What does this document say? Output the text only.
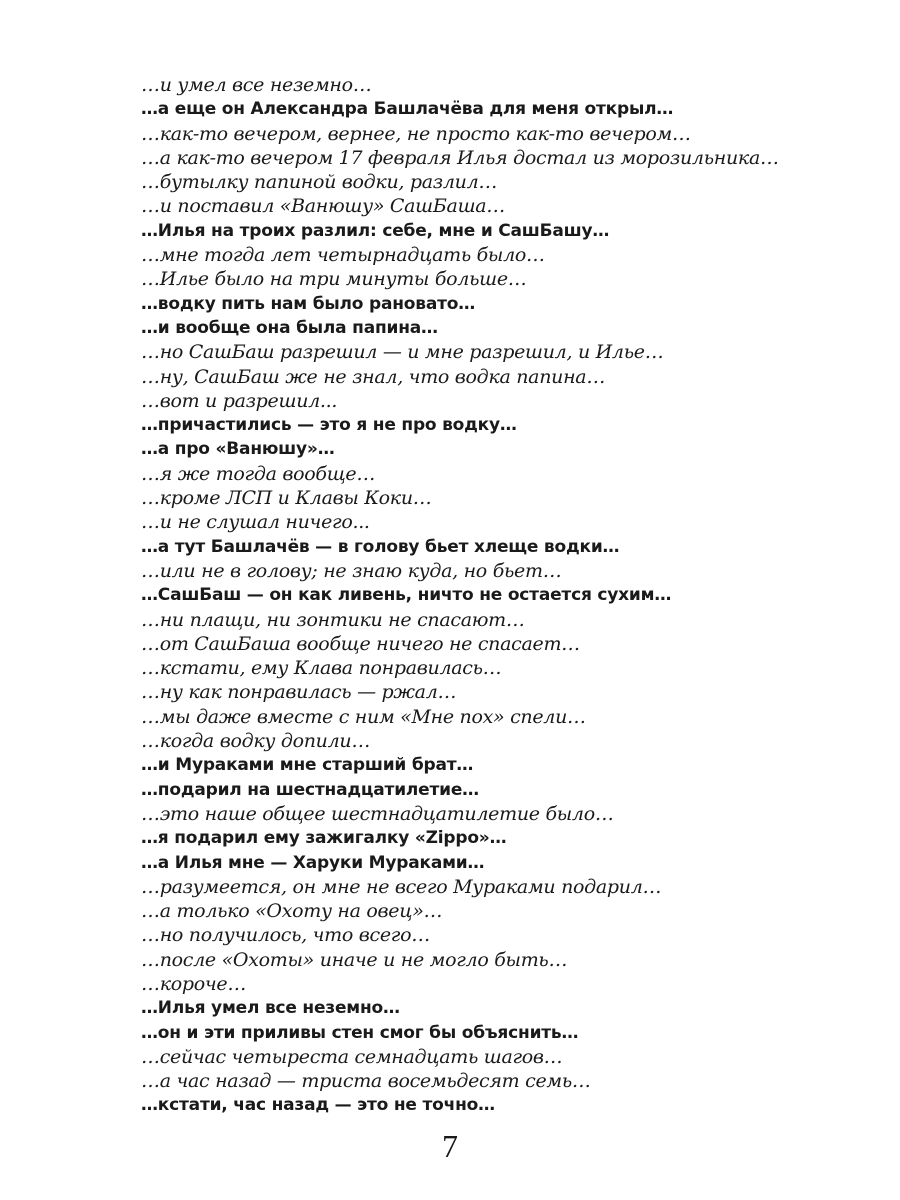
…и умел все неземно…
…а еще он Александра Башлачёва для меня открыл…
…как-то вечером, вернее, не просто как-то вечером…
…а как-то вечером 17 февраля Илья достал из морозильника…
…бутылку папиной водки, разлил…
…и поставил «Ванюшу» СашБаша…
…Илья на троих разлил: себе, мне и СашБашу…
…мне тогда лет четырнадцать было…
…Илье было на три минуты больше…
…водку пить нам было рановато…
…и вообще она была папина…
…но СашБаш разрешил — и мне разрешил, и Илье…
…ну, СашБаш же не знал, что водка папина…
…вот и разрешил...
…причастились — это я не про водку…
…а про «Ванюшу»…
…я же тогда вообще…
…кроме ЛСП и Клавы Коки…
…и не слушал ничего...
…а тут Башлачёв — в голову бьет хлеще водки…
…или не в голову; не знаю куда, но бьет…
…СашБаш — он как ливень, ничто не остается сухим…
…ни плащи, ни зонтики не спасают…
…от СашБаша вообще ничего не спасает…
…кстати, ему Клава понравилась…
…ну как понравилась — ржал…
…мы даже вместе с ним «Мне пох» спели…
…когда водку допили…
…и Мураками мне старший брат…
…подарил на шестнадцатилетие…
…это наше общее шестнадцатилетие было…
…я подарил ему зажигалку «Zippo»…
…а Илья мне — Харуки Мураками…
…разумеется, он мне не всего Мураками подарил…
…а только «Охоту на овец»…
…но получилось, что всего…
…после «Охоты» иначе и не могло быть…
…короче…
…Илья умел все неземно…
…он и эти приливы стен смог бы объяснить…
…сейчас четыреста семнадцать шагов…
…а час назад — триста восемьдесят семь…
…кстати, час назад — это не точно…
7
